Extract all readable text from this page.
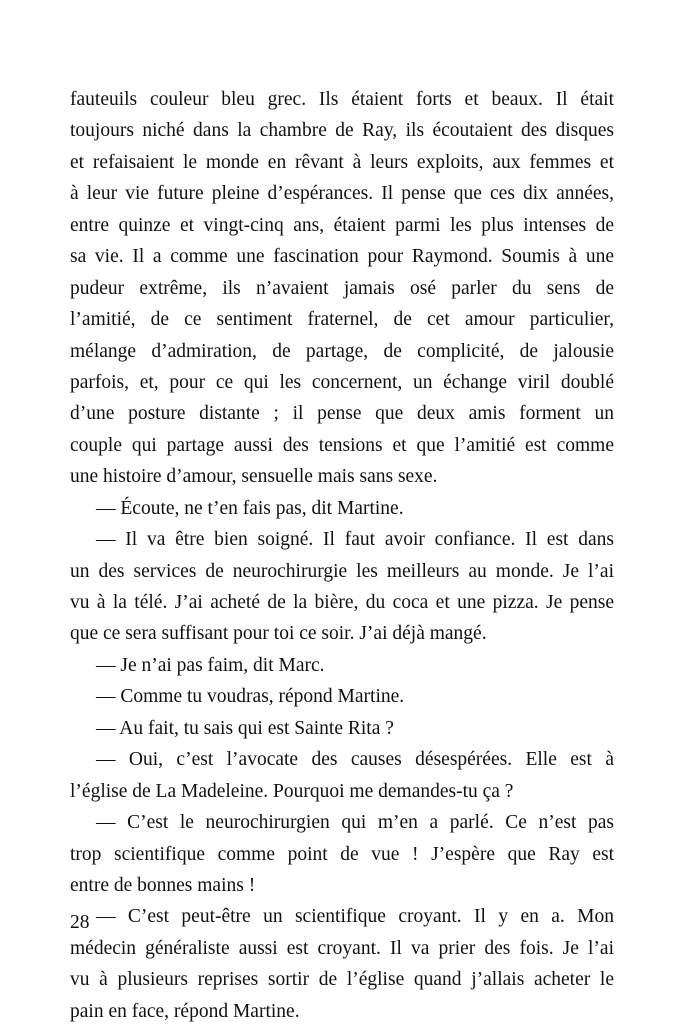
fauteuils couleur bleu grec. Ils étaient forts et beaux. Il était
toujours niché dans la chambre de Ray, ils écoutaient des disques
et refaisaient le monde en rêvant à leurs exploits, aux femmes et
à leur vie future pleine d’espérances. Il pense que ces dix années,
entre quinze et vingt-cinq ans, étaient parmi les plus intenses de
sa vie. Il a comme une fascination pour Raymond. Soumis à une
pudeur extrême, ils n’avaient jamais osé parler du sens de
l’amitié, de ce sentiment fraternel, de cet amour particulier,
mélange d’admiration, de partage, de complicité, de jalousie
parfois, et, pour ce qui les concernent, un échange viril doublé
d’une posture distante ; il pense que deux amis forment un
couple qui partage aussi des tensions et que l’amitié est comme
une histoire d’amour, sensuelle mais sans sexe.
— Écoute, ne t’en fais pas, dit Martine.
— Il va être bien soigné. Il faut avoir confiance. Il est dans
un des services de neurochirurgie les meilleurs au monde. Je l’ai
vu à la télé. J’ai acheté de la bière, du coca et une pizza. Je pense
que ce sera suffisant pour toi ce soir. J’ai déjà mangé.
— Je n’ai pas faim, dit Marc.
— Comme tu voudras, répond Martine.
— Au fait, tu sais qui est Sainte Rita ?
— Oui, c’est l’avocate des causes désespérées. Elle est à
l’église de La Madeleine. Pourquoi me demandes-tu ça ?
— C’est le neurochirurgien qui m’en a parlé. Ce n’est pas
trop scientifique comme point de vue ! J’espère que Ray est
entre de bonnes mains !
— C’est peut-être un scientifique croyant. Il y en a. Mon
médecin généraliste aussi est croyant. Il va prier des fois. Je l’ai
vu à plusieurs reprises sortir de l’église quand j’allais acheter le
pain en face, répond Martine.
28
